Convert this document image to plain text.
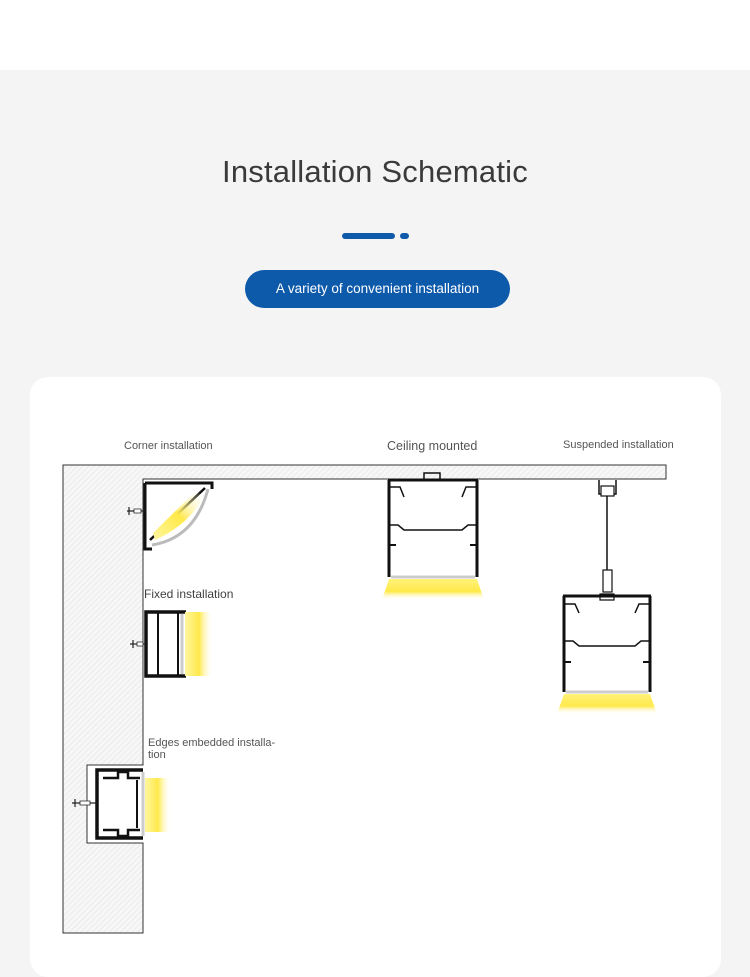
Installation Schematic
A variety of convenient installation
Corner installation	Ceiling mounted	Suspended installation
Fixed installation
Edges embedded installa-
tion
